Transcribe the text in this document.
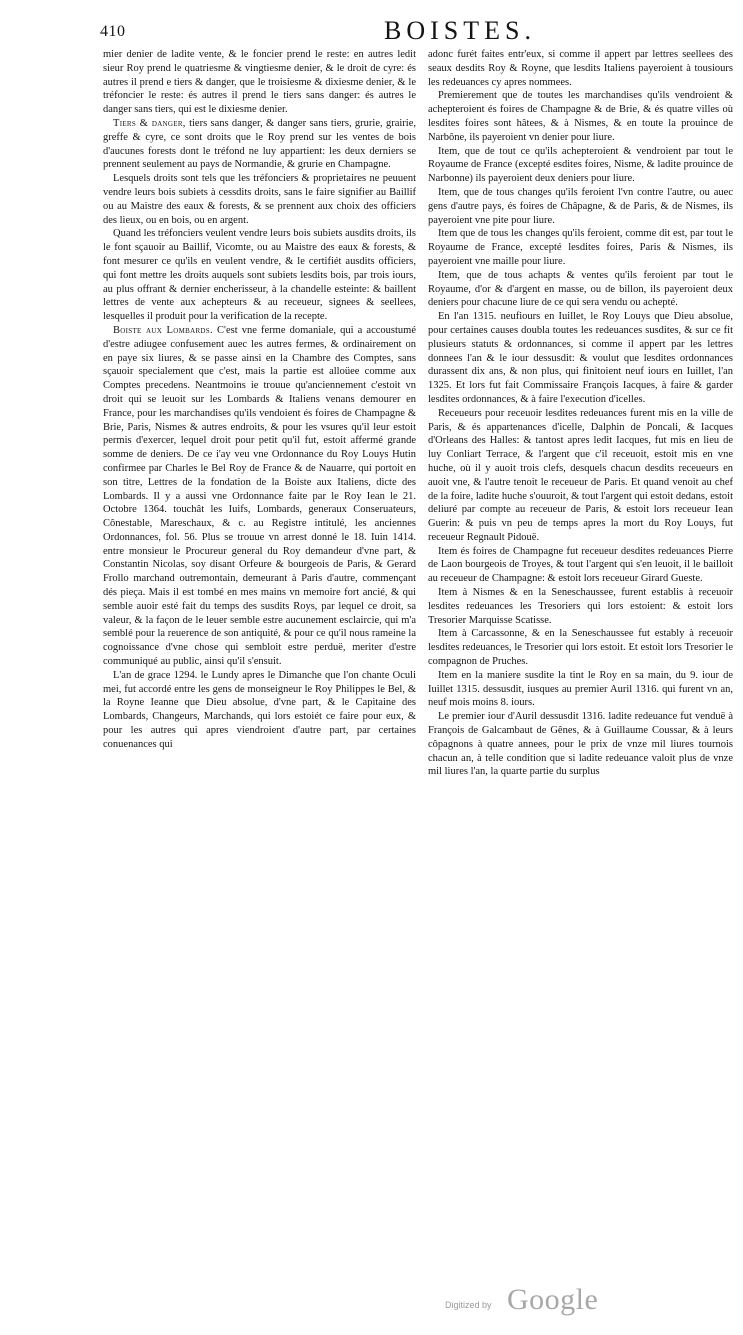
410	BOISTES.

mier denier de ladite vente, & le foncier prend le reste: en autres ledit sieur Roy prend le quatriesme & vingtiesme denier, & le droit de cyre: és autres il prend e tiers & danger, que le troisiesme & dixiesme denier, & le tréfoncier le reste: és autres il prend le tiers sans danger: és autres le danger sans tiers, qui est le dixiesme denier.

Tiers & danger, tiers sans danger, & danger sans tiers, grurie, grairie, greffe & cyre, ce sont droits que le Roy prend sur les ventes de bois d'aucunes forests dont le tréfond ne luy appartient: les deux derniers se prennent seulement au pays de Normandie, & grurie en Champagne.

Lesquels droits sont tels que les tréfonciers & proprietaires ne peuuent vendre leurs bois subiets à cessdits droits, sans le faire signifier au Baillif ou au Maistre des eaux & forests, & se prennent aux choix des officiers des lieux, ou en bois, ou en argent.

Quand les tréfonciers veulent vendre leurs bois subiets ausdits droits, ils le font sçauoir au Baillif, Vicomte, ou au Maistre des eaux & forests, & font mesurer ce qu'ils en veulent vendre, & le certifiét ausdits officiers, qui font mettre les droits auquels sont subiets lesdits bois, par trois iours, au plus offrant & dernier encherisseur, à la chandelle esteinte: & baillent lettres de vente aux achepteurs & au receueur, signees & seellees, lesquelles il produit pour la verification de la recepte.

Boiste aux Lombards. C'est vne ferme domaniale, qui a accoustumé d'estre adiugee confusement auec les autres fermes, & ordinairement on en paye six liures, & se passe ainsi en la Chambre des Comptes, sans sçauoir specialement que c'est, mais la partie est alloüee comme aux Comptes precedens. Neantmoins ie trouue qu'anciennement c'estoit vn droit qui se leuoit sur les Lombards & Italiens venans demourer en France, pour les marchandises qu'ils vendoient és foires de Champagne & Brie, Paris, Nismes & autres endroits, & pour les vsures qu'il leur estoit permis d'exercer, lequel droit pour petit qu'il fut, estoit affermé grande somme de deniers. De ce i'ay veu vne Ordonnance du Roy Louys Hutin confirmee par Charles le Bel Roy de France & de Nauarre, qui portoit en son titre, Lettres de la fondation de la Boiste aux Italiens, dicte des Lombards. Il y a aussi vne Ordonnance faite par le Roy Iean le 21. Octobre 1364. touchât les Iuifs, Lombards, generaux Conseruateurs, Cônestable, Mareschaux, & c. au Registre intitulé, les anciennes Ordonnances, fol. 56. Plus se trouue vn arrest donné le 18. Iuin 1414. entre monsieur le Procureur general du Roy demandeur d'vne part, & Constantin Nicolas, soy disant Orfeure & bourgeois de Paris, & Gerard Frollo marchand outremontain, demeurant à Paris d'autre, commençant dés pieça. Mais il est tombé en mes mains vn memoire fort ancié, & qui semble auoir esté fait du temps des susdits Roys, par lequel ce droit, sa valeur, & la façon de le leuer semble estre aucunement esclaircie, qui m'a semblé pour la reuerence de son antiquité, & pour ce qu'il nous rameine la cognoissance d'vne chose qui sembloit estre perduë, meriter d'estre communiqué au public, ainsi qu'il s'ensuit.

L'an de grace 1294. le Lundy apres le Dimanche que l'on chante Oculi mei, fut accordé entre les gens de monseigneur le Roy Philippes le Bel, & la Royne Ieanne que Dieu absolue, d'vne part, & le Capitaine des Lombards, Changeurs, Marchands, qui lors estoiét ce faire pour eux, & pour les autres qui apres viendroient d'autre part, par certaines conuenances qui

adonc furét faites entr'eux, si comme il appert par lettres seellees des seaux desdits Roy & Royne, que lesdits Italiens payeroient à tousiours les redeuances cy apres nommees.

Premierement que de toutes les marchandises qu'ils vendroient & achepteroient és foires de Champagne & de Brie, & és quatre villes où lesdites foires sont hâtees, & à Nismes, & en toute la prouince de Narbône, ils payeroient vn denier pour liure.

Item, que de tout ce qu'ils achepteroient & vendroient par tout le Royaume de France (excepté esdites foires, Nisme, & ladite prouince de Narbonne) ils payeroient deux deniers pour liure.

Item, que de tous changes qu'ils feroient l'vn contre l'autre, ou auec gens d'autre pays, és foires de Châpagne, & de Paris, & de Nismes, ils payeroient vne pite pour liure.

Item que de tous les changes qu'ils feroient, comme dit est, par tout le Royaume de France, excepté lesdites foires, Paris & Nismes, ils payeroient vne maille pour liure.

Item, que de tous achapts & ventes qu'ils feroient par tout le Royaume, d'or & d'argent en masse, ou de billon, ils payeroient deux deniers pour chacune liure de ce qui sera vendu ou achepté.

En l'an 1315. neufiours en Iuillet, le Roy Louys que Dieu absolue, pour certaines causes doubla toutes les redeuances susdites, & sur ce fit plusieurs statuts & ordonnances, si comme il appert par les lettres donnees l'an & le iour dessusdit: & voulut que lesdites ordonnances durassent dix ans, & non plus, qui finitoient neuf iours en Iuillet, l'an 1325. Et lors fut fait Commissaire François Iacques, à faire & garder lesdites ordonnances, & à faire l'execution d'icelles.

Receueurs pour receuoir lesdites redeuances furent mis en la ville de Paris, & és appartenances d'icelle, Dalphin de Poncali, & Iacques d'Orleans des Halles: & tantost apres ledit Iacques, fut mis en lieu de luy Conliart Terrace, & l'argent que c'il receuoit, estoit mis en vne huche, où il y auoit trois clefs, desquels chacun desdits receueurs en auoit vne, & l'autre tenoit le receueur de Paris. Et quand venoit au chef de la foire, ladite huche s'ouuroit, & tout l'argent qui estoit dedans, estoit deliuré par compte au receueur de Paris, & estoit lors receueur Iean Guerin: & puis vn peu de temps apres la mort du Roy Louys, fut receueur Regnault Pidouë.

Item és foires de Champagne fut receueur desdites redeuances Pierre de Laon bourgeois de Troyes, & tout l'argent qui s'en leuoit, il le bailloit au receueur de Champagne: & estoit lors receueur Girard Gueste.

Item à Nismes & en la Seneschaussee, furent establis à receuoir lesdites redeuances les Tresoriers qui lors estoient: & estoit lors Tresorier Marquisse Scatisse.

Item à Carcassonne, & en la Seneschaussee fut estably à receuoir lesdites redeuances, le Tresorier qui lors estoit. Et estoit lors Tresorier le compagnon de Pruches.

Item en la maniere susdite la tint le Roy en sa main, du 9. iour de Iuillet 1315. dessusdit, iusques au premier Auril 1316. qui furent vn an, neuf mois moins 8. iours.

Le premier iour d'Auril dessusdit 1316. ladite redeuance fut venduë à François de Galcambaut de Gênes, & à Guillaume Coussar, & à leurs côpagnons à quatre annees, pour le prix de vnze mil liures tournois chacun an, à telle condition que si ladite redeuance valoit plus de vnze mil liures l'an, la quarte partie du surplus

Digitized by Google
